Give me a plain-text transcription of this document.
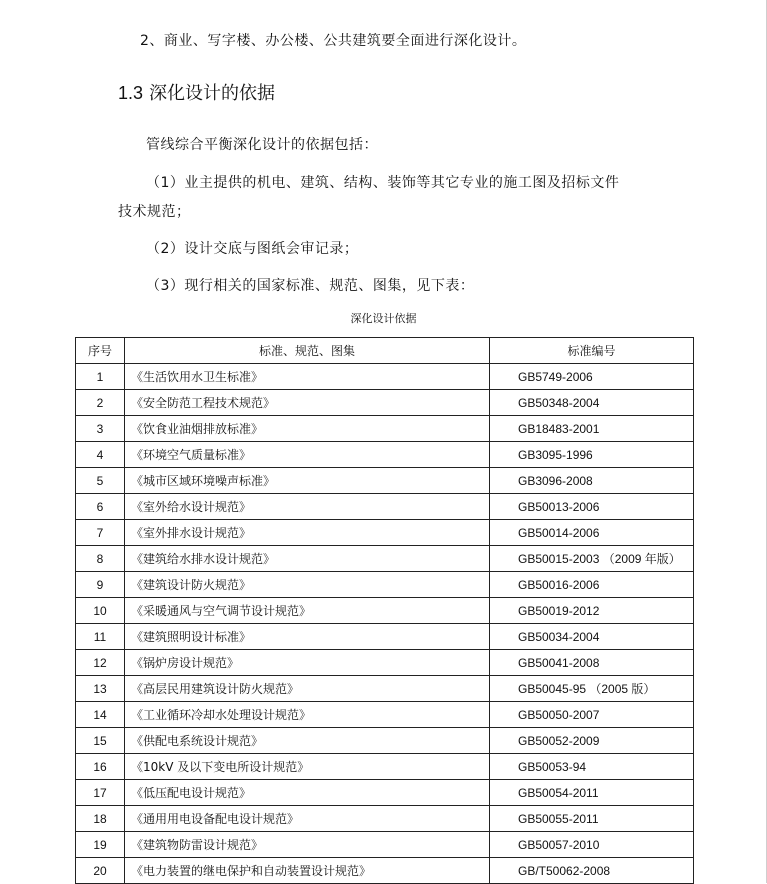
2、商业、写字楼、办公楼、公共建筑要全面进行深化设计。
1.3 深化设计的依据
管线综合平衡深化设计的依据包括：
（1）业主提供的机电、建筑、结构、装饰等其它专业的施工图及招标文件
技术规范；
（2）设计交底与图纸会审记录；
（3）现行相关的国家标准、规范、图集，见下表：
深化设计依据
序号	标准、规范、图集	标准编号
1	《生活饮用水卫生标准》	GB5749-2006
2	《安全防范工程技术规范》	GB50348-2004
3	《饮食业油烟排放标准》	GB18483-2001
4	《环境空气质量标准》	GB3095-1996
5	《城市区域环境噪声标准》	GB3096-2008
6	《室外给水设计规范》	GB50013-2006
7	《室外排水设计规范》	GB50014-2006
8	《建筑给水排水设计规范》	GB50015-2003 （2009 年版）
9	《建筑设计防火规范》	GB50016-2006
10	《采暖通风与空气调节设计规范》	GB50019-2012
11	《建筑照明设计标准》	GB50034-2004
12	《锅炉房设计规范》	GB50041-2008
13	《高层民用建筑设计防火规范》	GB50045-95 （2005 版）
14	《工业循环冷却水处理设计规范》	GB50050-2007
15	《供配电系统设计规范》	GB50052-2009
16	《10kV 及以下变电所设计规范》	GB50053-94
17	《低压配电设计规范》	GB50054-2011
18	《通用用电设备配电设计规范》	GB50055-2011
19	《建筑物防雷设计规范》	GB50057-2010
20	《电力装置的继电保护和自动装置设计规范》	GB/T50062-2008
